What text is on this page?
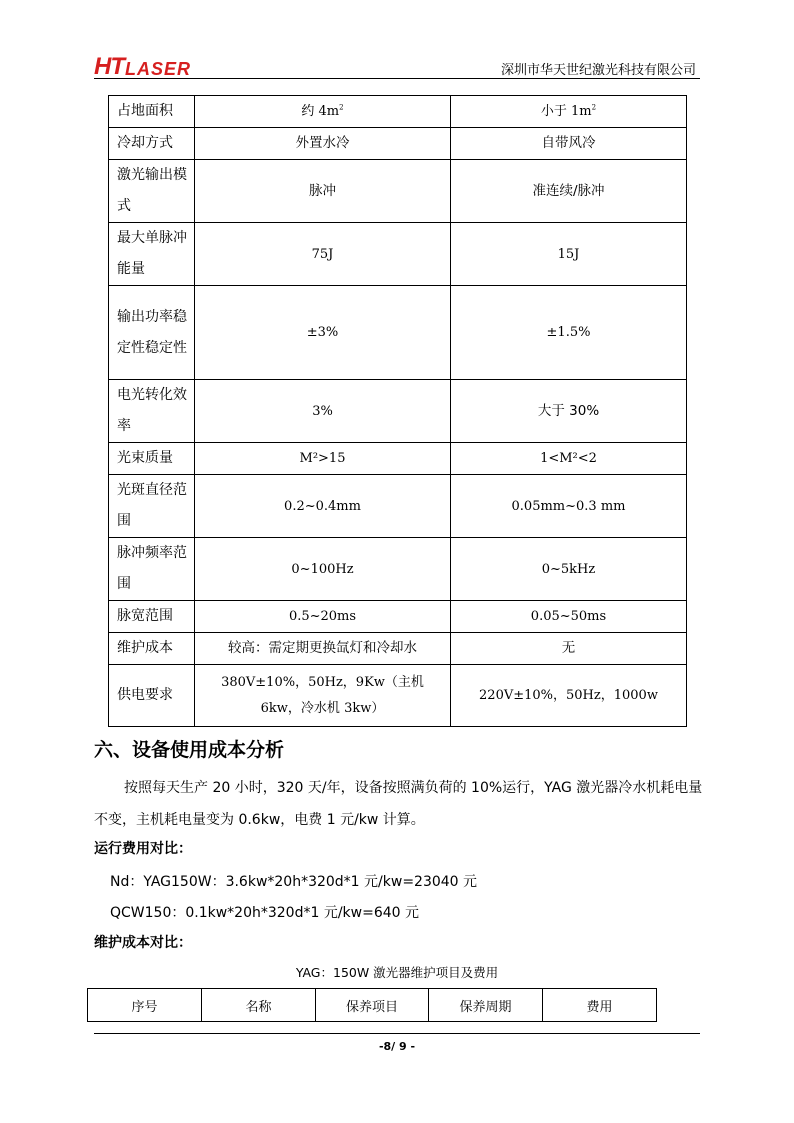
HT LASER	深圳市华天世纪激光科技有限公司
占地面积	约 $4m^2$	小于 $1m^2$
冷却方式	外置水冷	自带风冷

激光输出模式	脉冲	准连续/脉冲

最大单脉冲能量	75J	15J

输出功率稳定性稳定性	±3%	±1.5%

电光转化效率	3%	大于 30%
光束质量	M²>15	1<M²<2

光斑直径范围	0.2~0.4mm	0.05mm~0.3 mm

脉冲频率范围	0~100Hz	0~5kHz
脉宽范围	0.5~20ms	0.05~50ms
维护成本	较高：需定期更换氙灯和冷却水	无
供电要求	380V±10%，50Hz，9Kw（主机 6kw，冷水机 3kw）	220V±10%，50Hz，1000w
六、设备使用成本分析
按照每天生产 20 小时，320 天/年，设备按照满负荷的 10%运行，YAG 激光器冷水机耗电量不变，主机耗电量变为 0.6kw，电费 1 元/kw 计算。
运行费用对比：
Nd：YAG150W：3.6kw*20h*320d*1 元/kw=23040 元
QCW150：0.1kw*20h*320d*1 元/kw=640 元
维护成本对比：
YAG：150W 激光器维护项目及费用
序号	名称	保养项目	保养周期	费用
-8/ 9 -
